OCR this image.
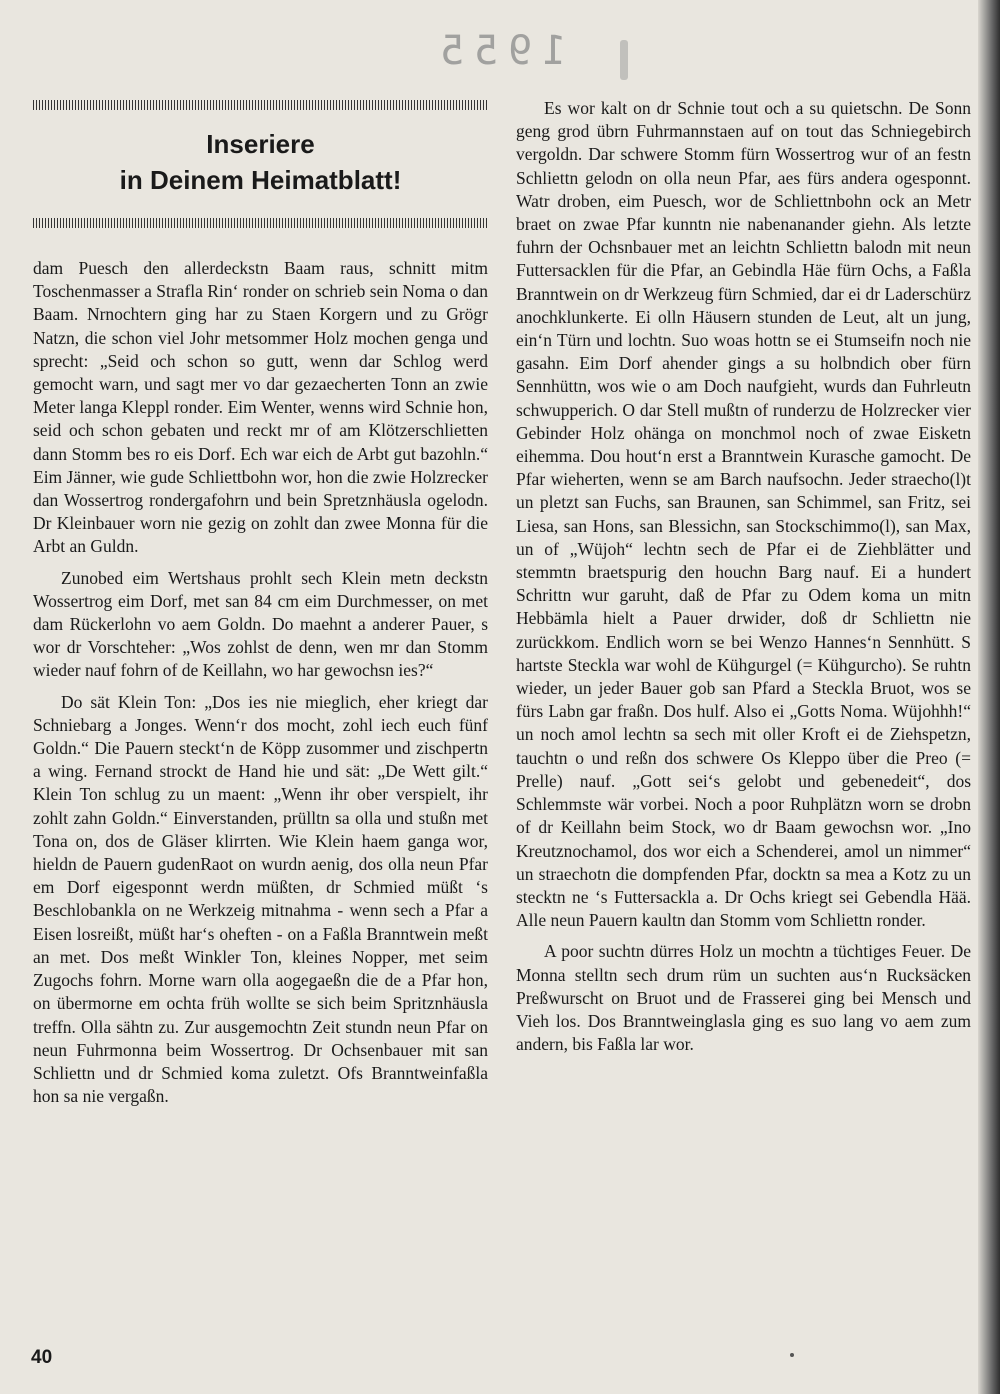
1955
Inseriere
in Deinem Heimatblatt!

dam Puesch den allerdeckstn Baam raus, schnitt mitm Toschenmasser a Strafla Rin‘ ronder on schrieb sein Noma o dan Baam. Nrnochtern ging har zu Staen Korgern und zu Grögr Natzn, die schon viel Johr metsommer Holz mochen genga und sprecht: „Seid och schon so gutt, wenn dar Schlog werd gemocht warn, und sagt mer vo dar gezaecherten Tonn an zwie Meter langa Kleppl ronder. Eim Wenter, wenns wird Schnie hon, seid och schon gebaten und reckt mr of am Klötzerschlietten dann Stomm bes ro eis Dorf. Ech war eich de Arbt gut bazohln.“ Eim Jänner, wie gude Schliettbohn wor, hon die zwie Holzrecker dan Wossertrog rondergafohrn und bein Spretznhäusla ogelodn. Dr Kleinbauer worn nie gezig on zohlt dan zwee Monna für die Arbt an Guldn.

Zunobed eim Wertshaus prohlt sech Klein metn deckstn Wossertrog eim Dorf, met san 84 cm eim Durchmesser, on met dam Rückerlohn vo aem Goldn. Do maehnt a anderer Pauer, s wor dr Vorschteher: „Wos zohlst de denn, wen mr dan Stomm wieder nauf fohrn of de Keillahn, wo har gewochsn ies?“

Do sät Klein Ton: „Dos ies nie mieglich, eher kriegt dar Schniebarg a Jonges. Wenn‘r dos mocht, zohl iech euch fünf Goldn.“ Die Pauern steckt‘n de Köpp zusommer und zischpertn a wing. Fernand strockt de Hand hie und sät: „De Wett gilt.“ Klein Ton schlug zu un maent: „Wenn ihr ober verspielt, ihr zohlt zahn Goldn.“ Einverstanden, prülltn sa olla und stußn met Tona on, dos de Gläser klirrten. Wie Klein haem ganga wor, hieldn de Pauern gudenRaot on wurdn aenig, dos olla neun Pfar em Dorf eigesponnt werdn müßten, dr Schmied müßt ‘s Beschlobankla on ne Werkzeig mitnahma - wenn sech a Pfar a Eisen losreißt, müßt har‘s oheften - on a Faßla Branntwein meßt an met. Dos meßt Winkler Ton, kleines Nopper, met seim Zugochs fohrn. Morne warn olla aogegaeßn die de a Pfar hon, on übermorne em ochta früh wollte se sich beim Spritznhäusla treffn. Olla sähtn zu. Zur ausgemochtn Zeit stundn neun Pfar on neun Fuhrmonna beim Wossertrog. Dr Ochsenbauer mit san Schliettn und dr Schmied koma zuletzt. Ofs Branntweinfaßla hon sa nie vergaßn.

Es wor kalt on dr Schnie tout och a su quietschn. De Sonn geng grod übrn Fuhrmannstaen auf on tout das Schniegebirch vergoldn. Dar schwere Stomm fürn Wossertrog wur of an festn Schliettn gelodn on olla neun Pfar, aes fürs andera ogesponnt. Watr droben, eim Puesch, wor de Schliettnbohn ock an Metr braet on zwae Pfar kunntn nie nabenanander giehn. Als letzte fuhrn der Ochsnbauer met an leichtn Schliettn balodn mit neun Futtersacklen für die Pfar, an Gebindla Häe fürn Ochs, a Faßla Branntwein on dr Werkzeug fürn Schmied, dar ei dr Laderschürz anochklunkerte. Ei olln Häusern stunden de Leut, alt un jung, ein‘n Türn und lochtn. Suo woas hottn se ei Stumseifn noch nie gasahn. Eim Dorf ahender gings a su holbndich ober fürn Sennhüttn, wos wie o am Doch naufgieht, wurds dan Fuhrleutn schwupperich. O dar Stell mußtn of runderzu de Holzrecker vier Gebinder Holz ohänga on monchmol noch of zwae Eisketn eihemma. Dou hout‘n erst a Branntwein Kurasche gamocht. De Pfar wieherten, wenn se am Barch naufsochn. Jeder straecho(l)t un pletzt san Fuchs, san Braunen, san Schimmel, san Fritz, sei Liesa, san Hons, san Blessichn, san Stockschimmo(l), san Max, un of „Wüjoh“ lechtn sech de Pfar ei de Ziehblätter und stemmtn braetspurig den houchn Barg nauf. Ei a hundert Schrittn wur garuht, daß de Pfar zu Odem koma un mitn Hebbämla hielt a Pauer drwider, doß dr Schliettn nie zurückkom. Endlich worn se bei Wenzo Hannes‘n Sennhütt. S hartste Steckla war wohl de Kühgurgel (= Kühgurcho). Se ruhtn wieder, un jeder Bauer gob san Pfard a Steckla Bruot, wos se fürs Labn gar fraßn. Dos hulf. Also ei „Gotts Noma. Wüjohhh!“ un noch amol lechtn sa sech mit oller Kroft ei de Ziehspetzn, tauchtn o und reßn dos schwere Os Kleppo über die Preo (= Prelle) nauf. „Gott sei‘s gelobt und gebenedeit“, dos Schlemmste wär vorbei. Noch a poor Ruhplätzn worn se drobn of dr Keillahn beim Stock, wo dr Baam gewochsn wor. „Ino Kreutznochamol, dos wor eich a Schenderei, amol un nimmer“ un straechotn die dompfenden Pfar, docktn sa mea a Kotz zu un stecktn ne ‘s Futtersackla a. Dr Ochs kriegt sei Gebendla Hää. Alle neun Pauern kaultn dan Stomm vom Schliettn ronder.

A poor suchtn dürres Holz un mochtn a tüchtiges Feuer. De Monna stelltn sech drum rüm un suchten aus‘n Rucksäcken Preßwurscht on Bruot und de Frasserei ging bei Mensch und Vieh los. Dos Branntweinglasla ging es suo lang vo aem zum andern, bis Faßla lar wor.

40
